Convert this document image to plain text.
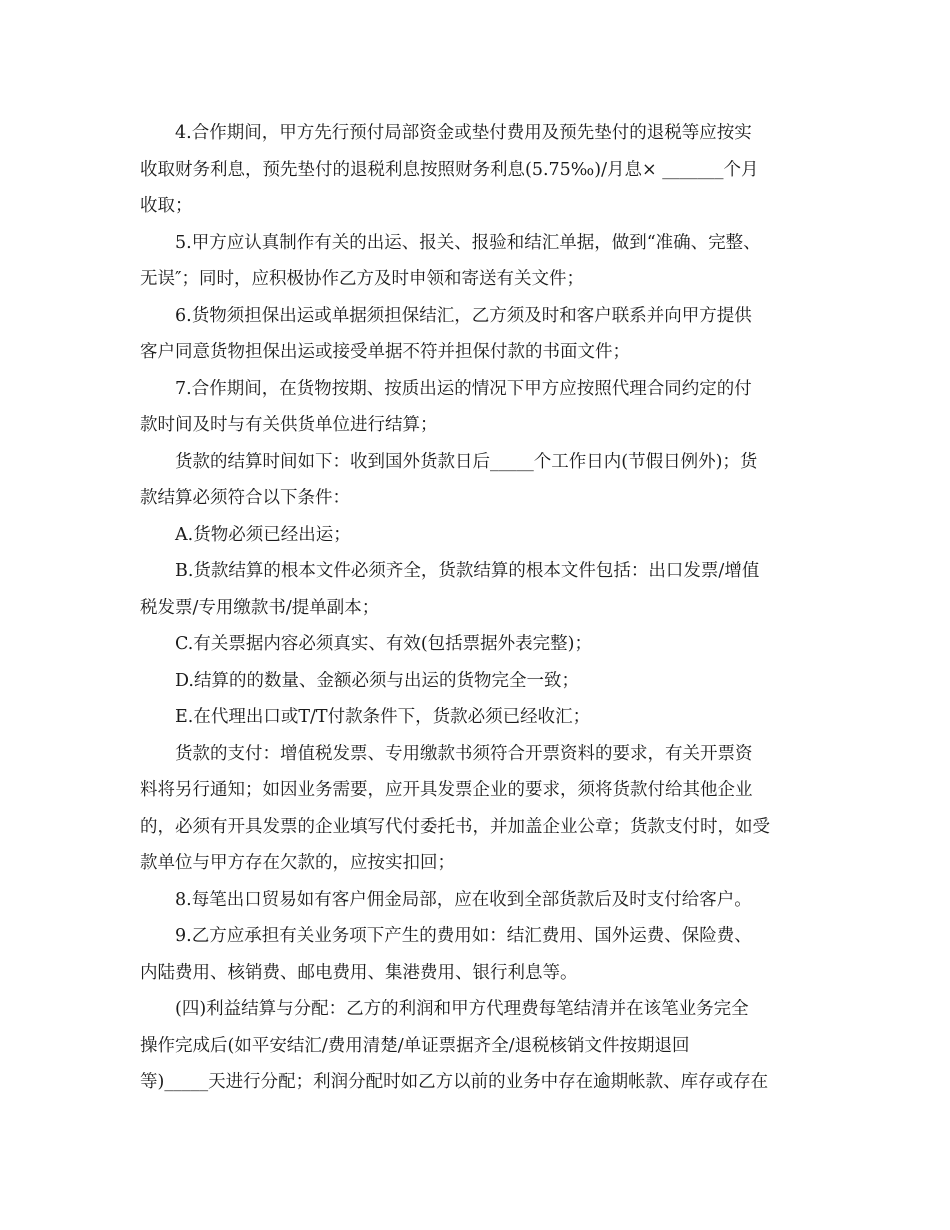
4.合作期间，甲方先行预付局部资金或垫付费用及预先垫付的退税等应按实
收取财务利息，预先垫付的退税利息按照财务利息(5.75‰)/月息× _______个月
收取；
5.甲方应认真制作有关的出运、报关、报验和结汇单据，做到“准确、完整、
无误″；同时，应积极协作乙方及时申领和寄送有关文件；
6.货物须担保出运或单据须担保结汇，乙方须及时和客户联系并向甲方提供
客户同意货物担保出运或接受单据不符并担保付款的书面文件；
7.合作期间，在货物按期、按质出运的情况下甲方应按照代理合同约定的付
款时间及时与有关供货单位进行结算；
货款的结算时间如下：收到国外货款日后_____个工作日内(节假日例外)；货
款结算必须符合以下条件：
A.货物必须已经出运；
B.货款结算的根本文件必须齐全，货款结算的根本文件包括：出口发票/增值
税发票/专用缴款书/提单副本；
C.有关票据内容必须真实、有效(包括票据外表完整)；
D.结算的的数量、金额必须与出运的货物完全一致；
E.在代理出口或T/T付款条件下，货款必须已经收汇；
货款的支付：增值税发票、专用缴款书须符合开票资料的要求，有关开票资
料将另行通知；如因业务需要，应开具发票企业的要求，须将货款付给其他企业
的，必须有开具发票的企业填写代付委托书，并加盖企业公章；货款支付时，如受
款单位与甲方存在欠款的，应按实扣回；
8.每笔出口贸易如有客户佣金局部，应在收到全部货款后及时支付给客户。
9.乙方应承担有关业务项下产生的费用如：结汇费用、国外运费、保险费、
内陆费用、核销费、邮电费用、集港费用、银行利息等。
(四)利益结算与分配：乙方的利润和甲方代理费每笔结清并在该笔业务完全
操作完成后(如平安结汇/费用清楚/单证票据齐全/退税核销文件按期退回
等)_____天进行分配；利润分配时如乙方以前的业务中存在逾期帐款、库存或存在
